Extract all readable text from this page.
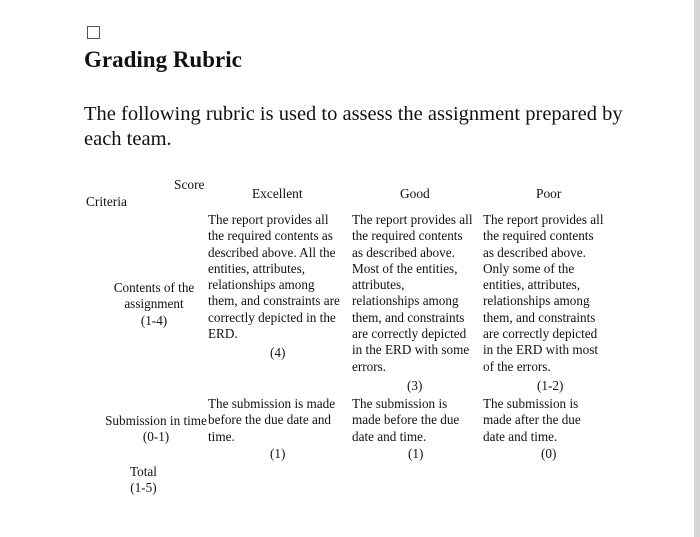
Grading Rubric

The following rubric is used to assess the assignment prepared by each team.

Score
Criteria
Excellent	Good	Poor
Contents of the
assignment
(1-4)
The report provides all
the required contents as
described above. All the
entities, attributes,
relationships among
them, and constraints are
correctly depicted in the
ERD.
(4)
The report provides all
the required contents
as described above.
Most of the entities,
attributes,
relationships among
them, and constraints
are correctly depicted
in the ERD with some
errors.
(3)
The report provides all
the required contents
as described above.
Only some of the
entities, attributes,
relationships among
them, and constraints
are correctly depicted
in the ERD with most
of the errors.
(1-2)
Submission in time
(0-1)
The submission is made
before the due date and
time.
(1)
The submission is
made before the due
date and time.
(1)
The submission is
made after the due
date and time.
(0)
Total
(1-5)
